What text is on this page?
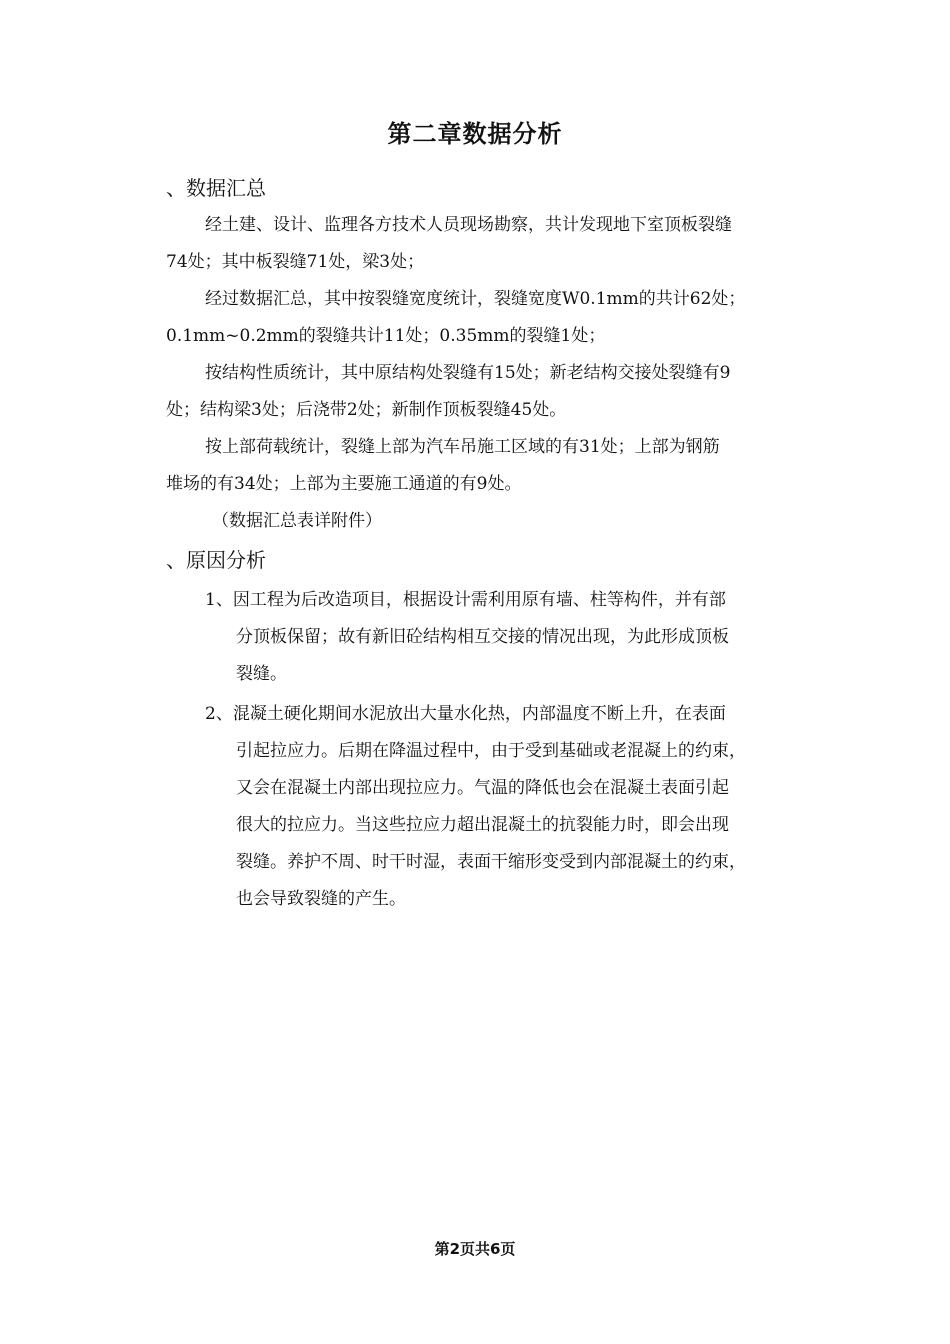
第二章数据分析
、数据汇总
经土建、设计、监理各方技术人员现场勘察，共计发现地下室顶板裂缝
74处；其中板裂缝71处，梁3处；
经过数据汇总，其中按裂缝宽度统计，裂缝宽度W0.1mm的共计62处；
0.1mm~0.2mm的裂缝共计11处；0.35mm的裂缝1处；
按结构性质统计，其中原结构处裂缝有15处；新老结构交接处裂缝有9
处；结构梁3处；后浇带2处；新制作顶板裂缝45处。
按上部荷载统计，裂缝上部为汽车吊施工区域的有31处；上部为钢筋
堆场的有34处；上部为主要施工通道的有9处。
（数据汇总表详附件）
、原因分析
1、因工程为后改造项目，根据设计需利用原有墙、柱等构件，并有部
分顶板保留；故有新旧砼结构相互交接的情况出现，为此形成顶板
裂缝。
2、混凝土硬化期间水泥放出大量水化热，内部温度不断上升，在表面
引起拉应力。后期在降温过程中，由于受到基础或老混凝上的约束，
又会在混凝土内部出现拉应力。气温的降低也会在混凝土表面引起
很大的拉应力。当这些拉应力超出混凝土的抗裂能力时，即会出现
裂缝。养护不周、时干时湿，表面干缩形变受到内部混凝土的约束，
也会导致裂缝的产生。
第2页共6页
